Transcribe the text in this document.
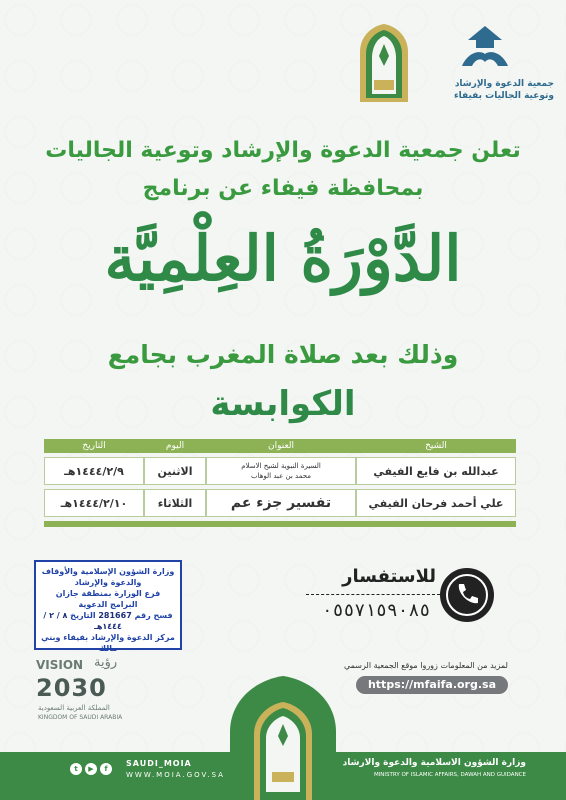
جمعية الدعوة والإرشاد
وتوعية الجاليات بفيفاء
تعلن جمعية الدعوة والإرشاد وتوعية الجاليات
بمحافظة فيفاء عن برنامج
الدَّوْرَةُ العِلْمِيَّة
وذلك بعد صلاة المغرب بجامع
الكوابسة
الشيخ
العنوان
اليوم
التاريخ
عبدالله بن فايع الفيفي
السيرة النبوية لشيخ الاسلام
محمد بن عبد الوهاب
الاثنين
١٤٤٤/٢/٩هـ
علي أحمد فرحان الفيفي
تفسير جزء عم
الثلاثاء
١٤٤٤/٢/١٠هـ
وزارة الشؤون الإسلامية والأوقاف والدعوة والإرشاد
فرع الوزارة بمنطقة جازان
البرامج الدعوية
فسح رقم 281667 التاريخ ٨ / ٢ / ١٤٤٤هـ
مركز الدعوة والإرشاد بفيفاء وبني مالك
للاستفسار
٠٥٥٧١٥٩٠٨٥
لمزيد من المعلومات زوروا موقع الجمعية الرسمي
https://mfaifa.org.sa
VISION رؤية
2030
المملكة العربية السعودية
KINGDOM OF SAUDI ARABIA
t	▶	f
SAUDI_MOIA
WWW.MOIA.GOV.SA
وزارة الشؤون الاسلامية والدعوة والارشاد
MINISTRY OF ISLAMIC AFFAIRS, DAWAH AND GUIDANCE
